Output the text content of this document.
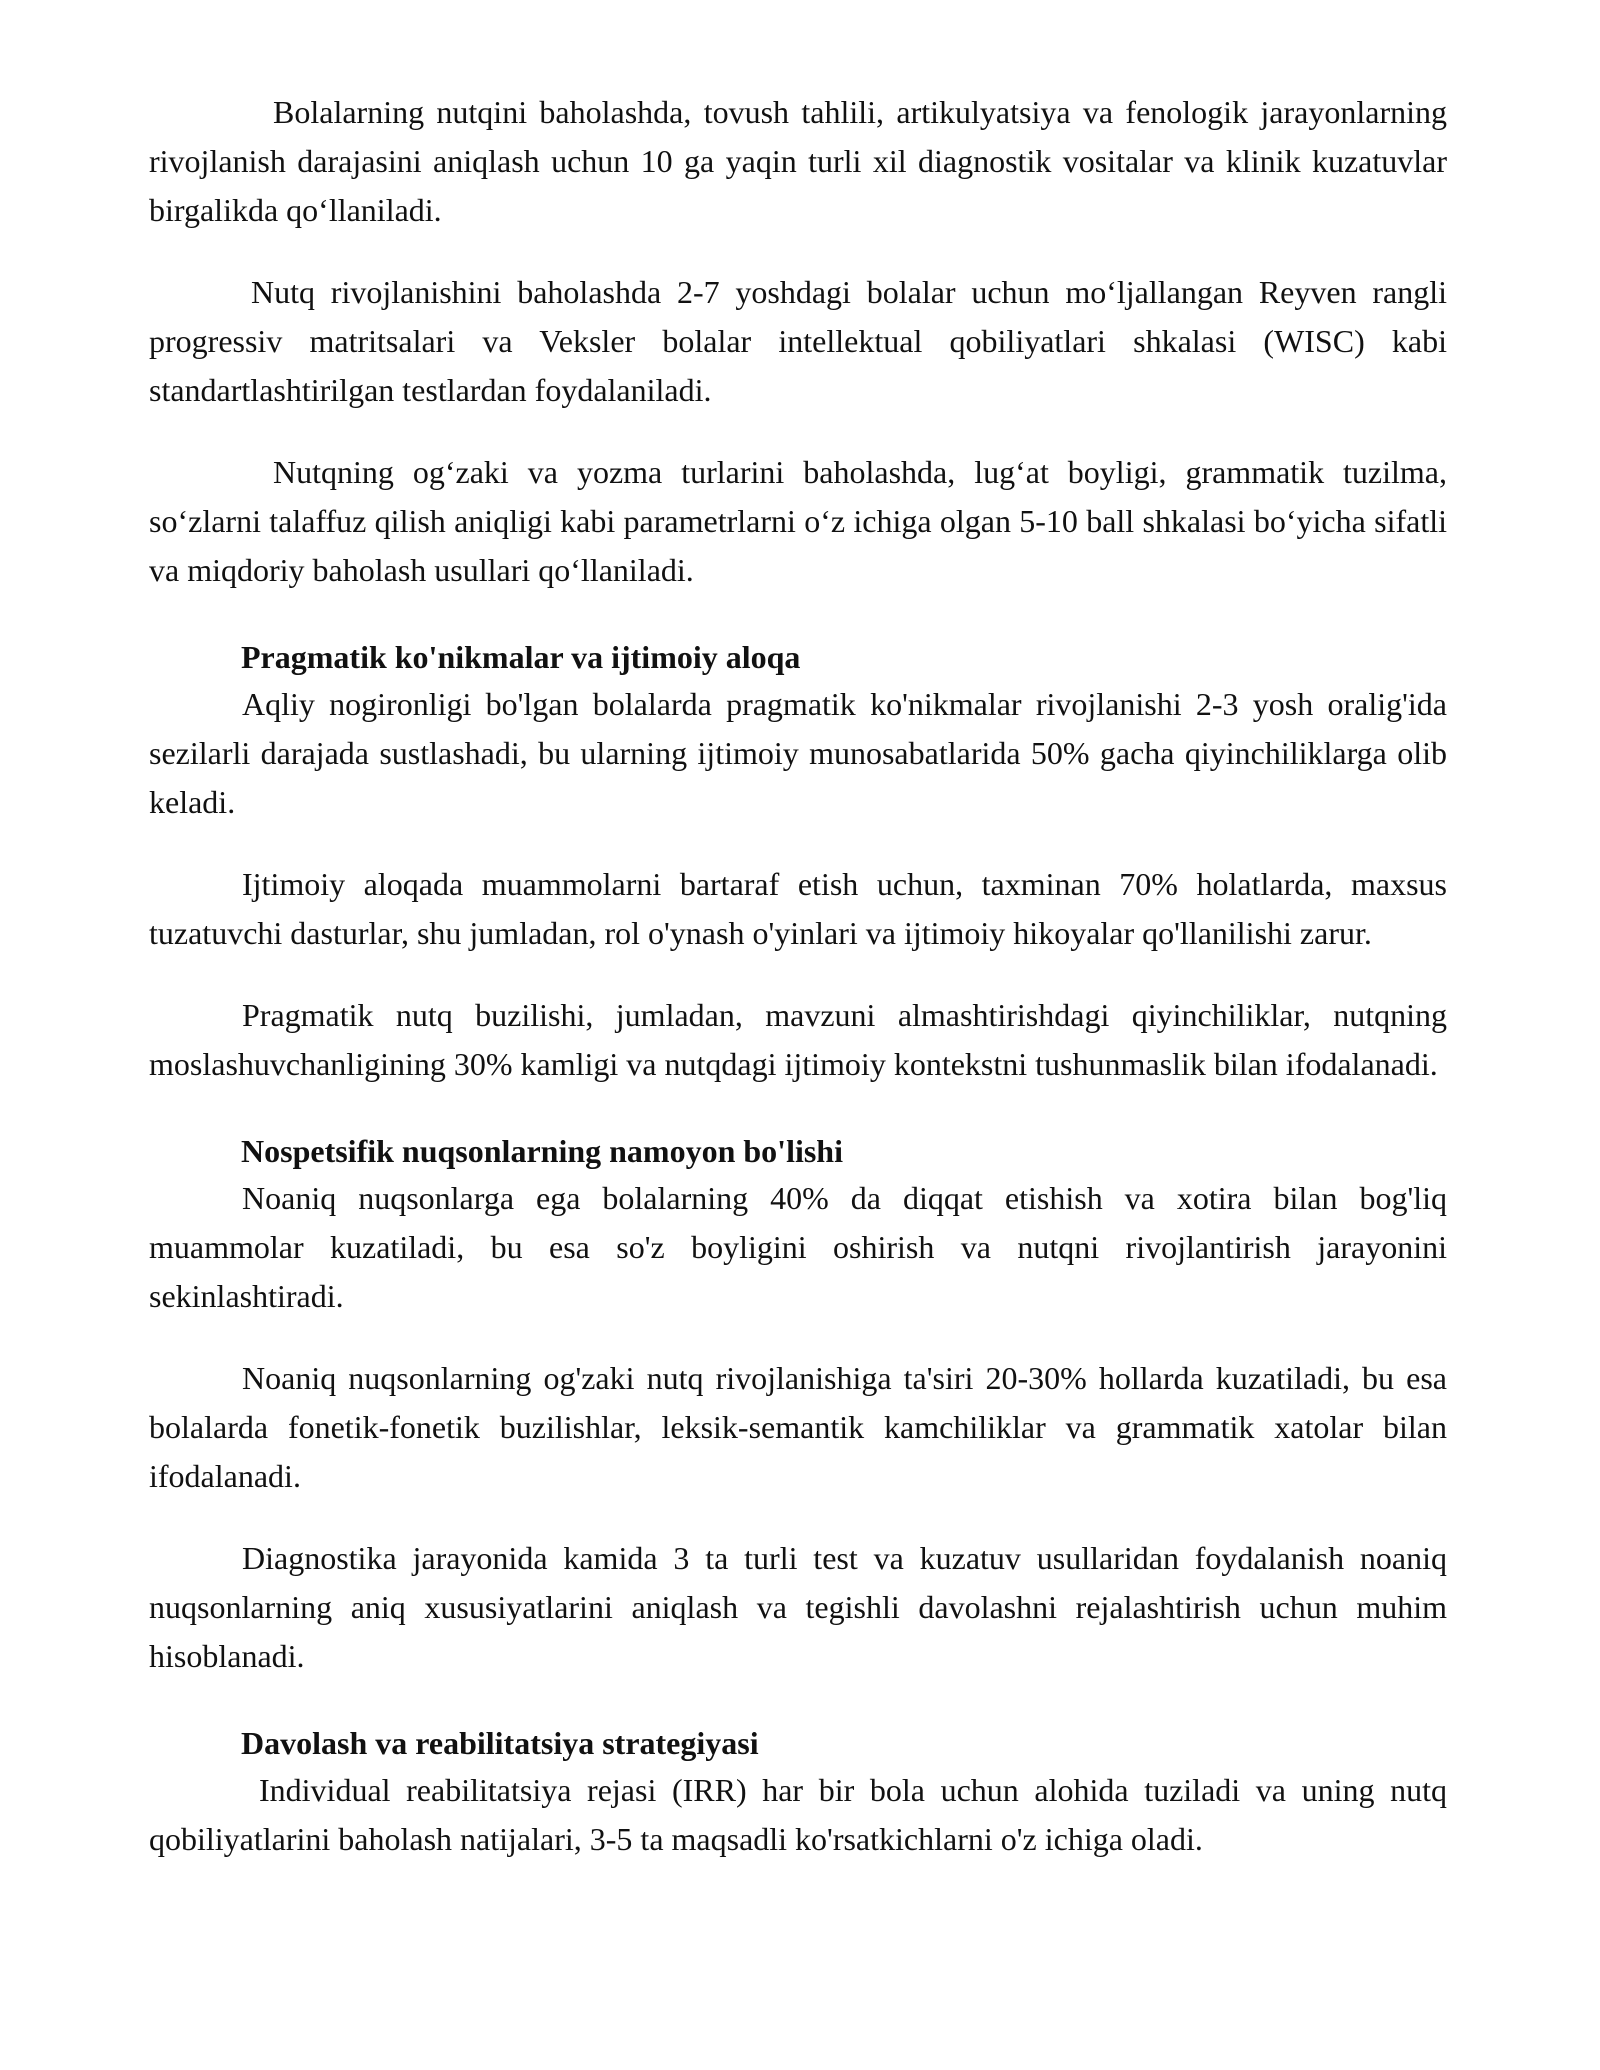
Bolalarning nutqini baholashda, tovush tahlili, artikulyatsiya va fenologik jarayonlarning rivojlanish darajasini aniqlash uchun 10 ga yaqin turli xil diagnostik vositalar va klinik kuzatuvlar birgalikda qo‘llaniladi.

Nutq rivojlanishini baholashda 2-7 yoshdagi bolalar uchun mo‘ljallangan Reyven rangli progressiv matritsalari va Veksler bolalar intellektual qobiliyatlari shkalasi (WISC) kabi standartlashtirilgan testlardan foydalaniladi.

Nutqning og‘zaki va yozma turlarini baholashda, lug‘at boyligi, grammatik tuzilma, so‘zlarni talaffuz qilish aniqligi kabi parametrlarni o‘z ichiga olgan 5-10 ball shkalasi bo‘yicha sifatli va miqdoriy baholash usullari qo‘llaniladi.

Pragmatik ko'nikmalar va ijtimoiy aloqa

Aqliy nogironligi bo'lgan bolalarda pragmatik ko'nikmalar rivojlanishi 2-3 yosh oralig'ida sezilarli darajada sustlashadi, bu ularning ijtimoiy munosabatlarida 50% gacha qiyinchiliklarga olib keladi.

Ijtimoiy aloqada muammolarni bartaraf etish uchun, taxminan 70% holatlarda, maxsus tuzatuvchi dasturlar, shu jumladan, rol o'ynash o'yinlari va ijtimoiy hikoyalar qo'llanilishi zarur.

Pragmatik nutq buzilishi, jumladan, mavzuni almashtirishdagi qiyinchiliklar, nutqning moslashuvchanligining 30% kamligi va nutqdagi ijtimoiy kontekstni tushunmaslik bilan ifodalanadi.

Nospetsifik nuqsonlarning namoyon bo'lishi

Noaniq nuqsonlarga ega bolalarning 40% da diqqat etishish va xotira bilan bog'liq muammolar kuzatiladi, bu esa so'z boyligini oshirish va nutqni rivojlantirish jarayonini sekinlashtiradi.

Noaniq nuqsonlarning og'zaki nutq rivojlanishiga ta'siri 20-30% hollarda kuzatiladi, bu esa bolalarda fonetik-fonetik buzilishlar, leksik-semantik kamchiliklar va grammatik xatolar bilan ifodalanadi.

Diagnostika jarayonida kamida 3 ta turli test va kuzatuv usullaridan foydalanish noaniq nuqsonlarning aniq xususiyatlarini aniqlash va tegishli davolashni rejalashtirish uchun muhim hisoblanadi.

Davolash va reabilitatsiya strategiyasi

Individual reabilitatsiya rejasi (IRR) har bir bola uchun alohida tuziladi va uning nutq qobiliyatlarini baholash natijalari, 3-5 ta maqsadli ko'rsatkichlarni o'z ichiga oladi.
